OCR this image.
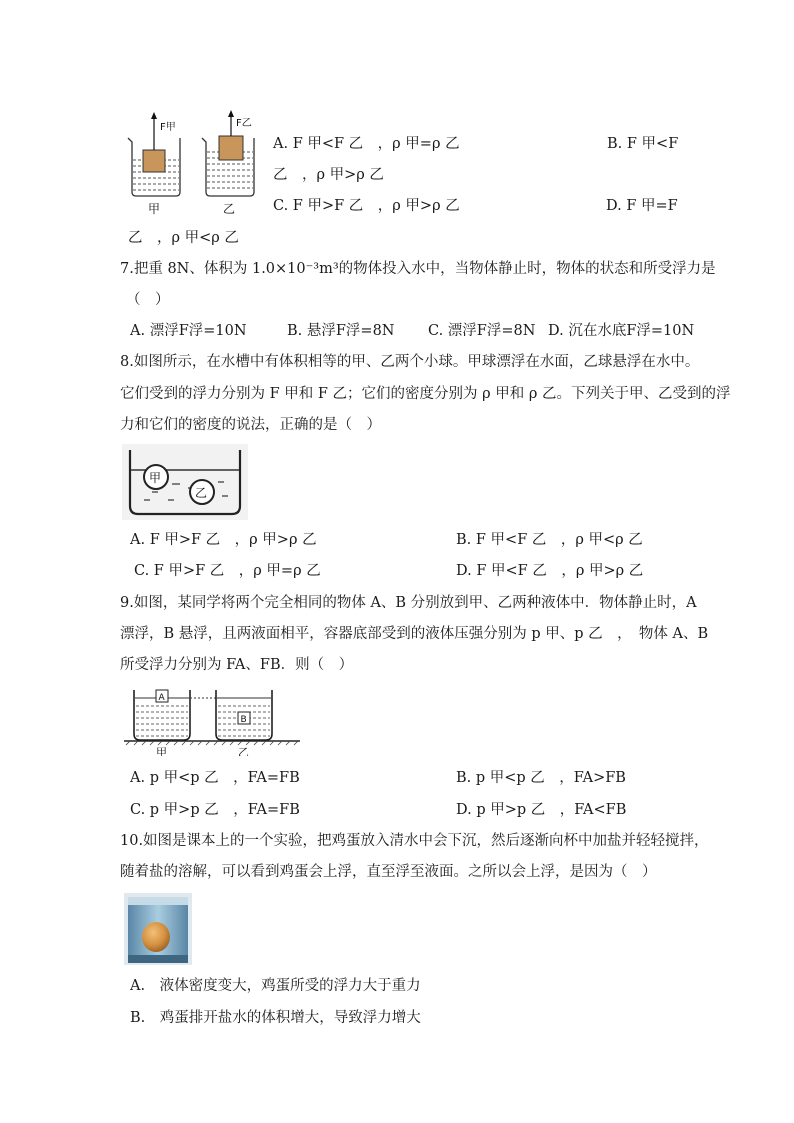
F甲
甲
F乙
乙
A. F 甲<F 乙　，ρ 甲=ρ 乙	B. F 甲<F
乙　，ρ 甲>ρ 乙
C. F 甲>F 乙　，ρ 甲>ρ 乙	D. F 甲=F
乙　，ρ 甲<ρ 乙
7.把重 8N、体积为 1.0×10⁻³m³的物体投入水中，当物体静止时，物体的状态和所受浮力是
（　）
A. 漂浮F浮=10N	B. 悬浮F浮=8N C. 漂浮F浮=8N D. 沉在水底F浮=10N
8.如图所示，在水槽中有体积相等的甲、乙两个小球。甲球漂浮在水面，乙球悬浮在水中。
它们受到的浮力分别为 F 甲和 F 乙；它们的密度分别为 ρ 甲和 ρ 乙。下列关于甲、乙受到的浮
力和它们的密度的说法，正确的是（　）
甲
乙
A. F 甲>F 乙　，ρ 甲>ρ 乙	B. F 甲<F 乙　，ρ 甲<ρ 乙
C. F 甲>F 乙　，ρ 甲=ρ 乙	D. F 甲<F 乙　，ρ 甲>ρ 乙
9.如图，某同学将两个完全相同的物体 A、B 分别放到甲、乙两种液体中．物体静止时，A
漂浮，B 悬浮，且两液面相平，容器底部受到的液体压强分别为 p 甲、p 乙　，　物体 A、B
所受浮力分别为 FA、FB．则（　）
A
B
甲	乙
A. p 甲<p 乙　，FA=FB	B. p 甲<p 乙　，FA>FB
C. p 甲>p 乙　，FA=FB	D. p 甲>p 乙　，FA<FB
10.如图是课本上的一个实验，把鸡蛋放入清水中会下沉，然后逐渐向杯中加盐并轻轻搅拌，
随着盐的溶解，可以看到鸡蛋会上浮，直至浮至液面。之所以会上浮，是因为（　）
A.　液体密度变大，鸡蛋所受的浮力大于重力
B.　鸡蛋排开盐水的体积增大，导致浮力增大
